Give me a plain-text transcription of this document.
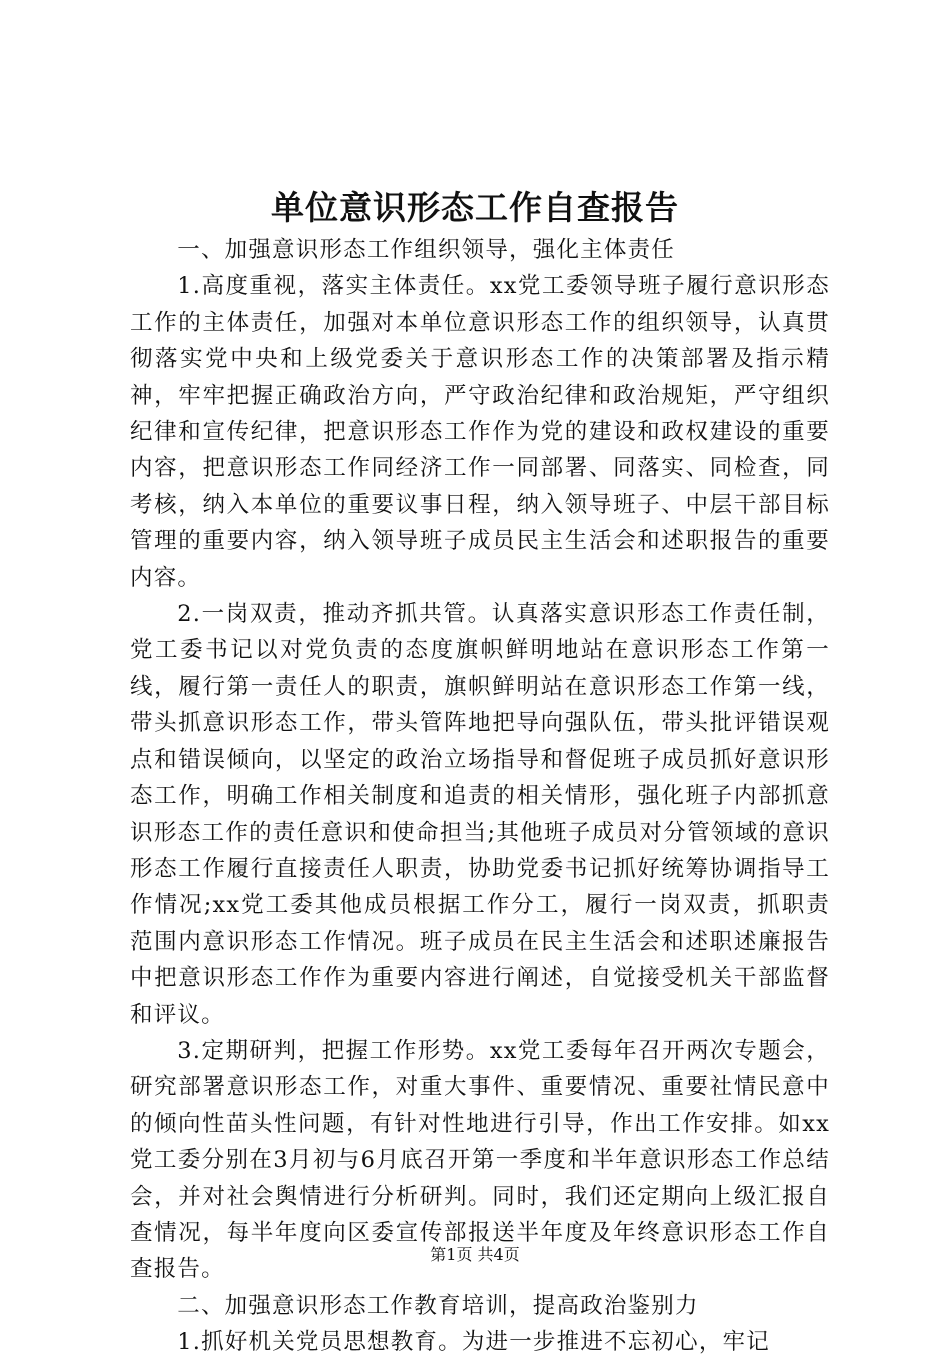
单位意识形态工作自查报告

一、加强意识形态工作组织领导，强化主体责任

1.高度重视，落实主体责任。xx党工委领导班子履行意识形态工作的主体责任，加强对本单位意识形态工作的组织领导，认真贯彻落实党中央和上级党委关于意识形态工作的决策部署及指示精神，牢牢把握正确政治方向，严守政治纪律和政治规矩，严守组织纪律和宣传纪律，把意识形态工作作为党的建设和政权建设的重要内容，把意识形态工作同经济工作一同部署、同落实、同检查，同考核，纳入本单位的重要议事日程，纳入领导班子、中层干部目标管理的重要内容，纳入领导班子成员民主生活会和述职报告的重要内容。

2.一岗双责，推动齐抓共管。认真落实意识形态工作责任制，党工委书记以对党负责的态度旗帜鲜明地站在意识形态工作第一线，履行第一责任人的职责，旗帜鲜明站在意识形态工作第一线，带头抓意识形态工作，带头管阵地把导向强队伍，带头批评错误观点和错误倾向，以坚定的政治立场指导和督促班子成员抓好意识形态工作，明确工作相关制度和追责的相关情形，强化班子内部抓意识形态工作的责任意识和使命担当;其他班子成员对分管领域的意识形态工作履行直接责任人职责，协助党委书记抓好统筹协调指导工作情况;xx党工委其他成员根据工作分工，履行一岗双责，抓职责范围内意识形态工作情况。班子成员在民主生活会和述职述廉报告中把意识形态工作作为重要内容进行阐述，自觉接受机关干部监督和评议。

3.定期研判，把握工作形势。xx党工委每年召开两次专题会，研究部署意识形态工作，对重大事件、重要情况、重要社情民意中的倾向性苗头性问题，有针对性地进行引导，作出工作安排。如xx党工委分别在3月初与6月底召开第一季度和半年意识形态工作总结会，并对社会舆情进行分析研判。同时，我们还定期向上级汇报自查情况，每半年度向区委宣传部报送半年度及年终意识形态工作自查报告。

二、加强意识形态工作教育培训，提高政治鉴别力

1.抓好机关党员思想教育。为进一步推进不忘初心，牢记

第1页 共4页
